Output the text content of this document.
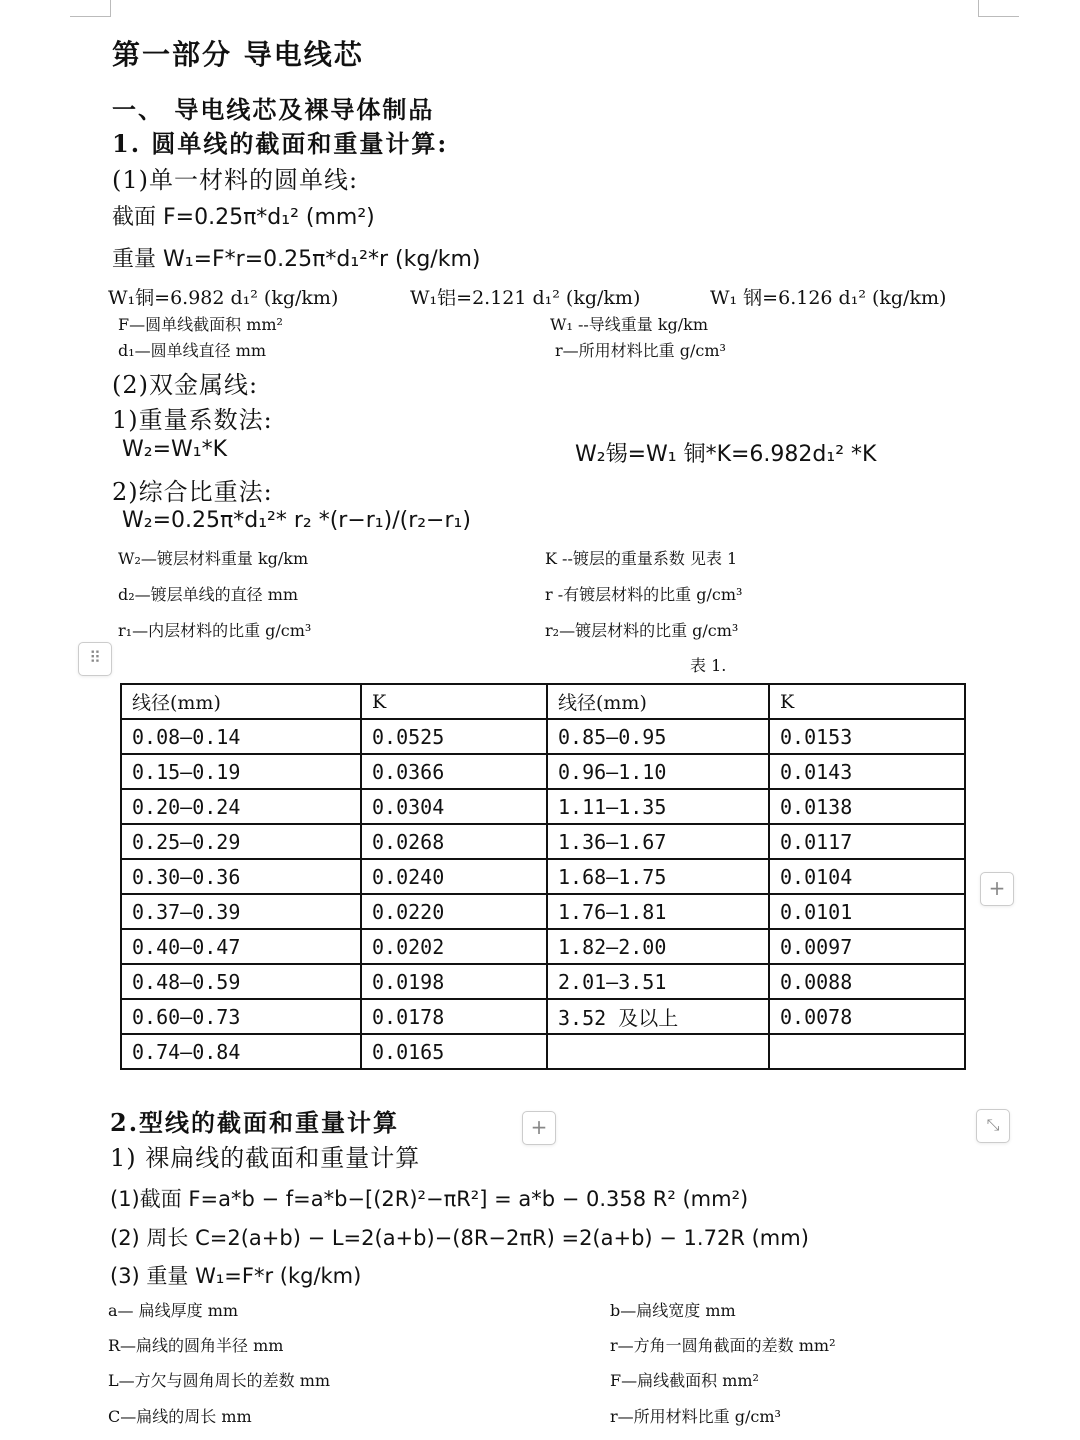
第一部分 导电线芯
一、 导电线芯及裸导体制品
1. 圆单线的截面和重量计算:
(1)单一材料的圆单线:
截面 F=0.25π*d₁² (mm²)
重量 W₁=F*r=0.25π*d₁²*r (kg/km)
W₁铜=6.982 d₁² (kg/km)	W₁铝=2.121 d₁² (kg/km)	W₁ 钢=6.126 d₁² (kg/km)
F—圆单线截面积 mm²	W₁ --导线重量 kg/km
d₁—圆单线直径 mm	r—所用材料比重 g/cm³
(2)双金属线:
1)重量系数法:
W₂=W₁*K	W₂锡=W₁ 铜*K=6.982d₁² *K
2)综合比重法:
W₂=0.25π*d₁²* r₂ *(r−r₁)/(r₂−r₁)
W₂—镀层材料重量 kg/km	K --镀层的重量系数 见表 1
d₂—镀层单线的直径 mm	r -有镀层材料的比重 g/cm³
r₁—内层材料的比重 g/cm³	r₂—镀层材料的比重 g/cm³
⠿	表 1.
线径(mm)	K	线径(mm)	K
0.08—0.14	0.0525	0.85—0.95	0.0153
0.15—0.19	0.0366	0.96—1.10	0.0143
0.20—0.24	0.0304	1.11—1.35	0.0138
0.25—0.29	0.0268	1.36—1.67	0.0117
0.30—0.36	0.0240	1.68—1.75	0.0104
0.37—0.39	0.0220	1.76—1.81	0.0101
0.40—0.47	0.0202	1.82—2.00	0.0097
0.48—0.59	0.0198	2.01—3.51	0.0088
0.60—0.73	0.0178	3.52 及以上	0.0078
0.74—0.84	0.0165		
+
+	⤡
2.型线的截面和重量计算
1) 裸扁线的截面和重量计算
(1)截面 F=a*b − f=a*b−[(2R)²−πR²] = a*b − 0.358 R² (mm²)
(2) 周长 C=2(a+b) − L=2(a+b)−(8R−2πR) =2(a+b) − 1.72R (mm)
(3) 重量 W₁=F*r (kg/km)
a— 扁线厚度 mm	b—扁线宽度 mm
R—扁线的圆角半径 mm	r—方角一圆角截面的差数 mm²
L—方欠与圆角周长的差数 mm	F—扁线截面积 mm²
C—扁线的周长 mm	r—所用材料比重 g/cm³
